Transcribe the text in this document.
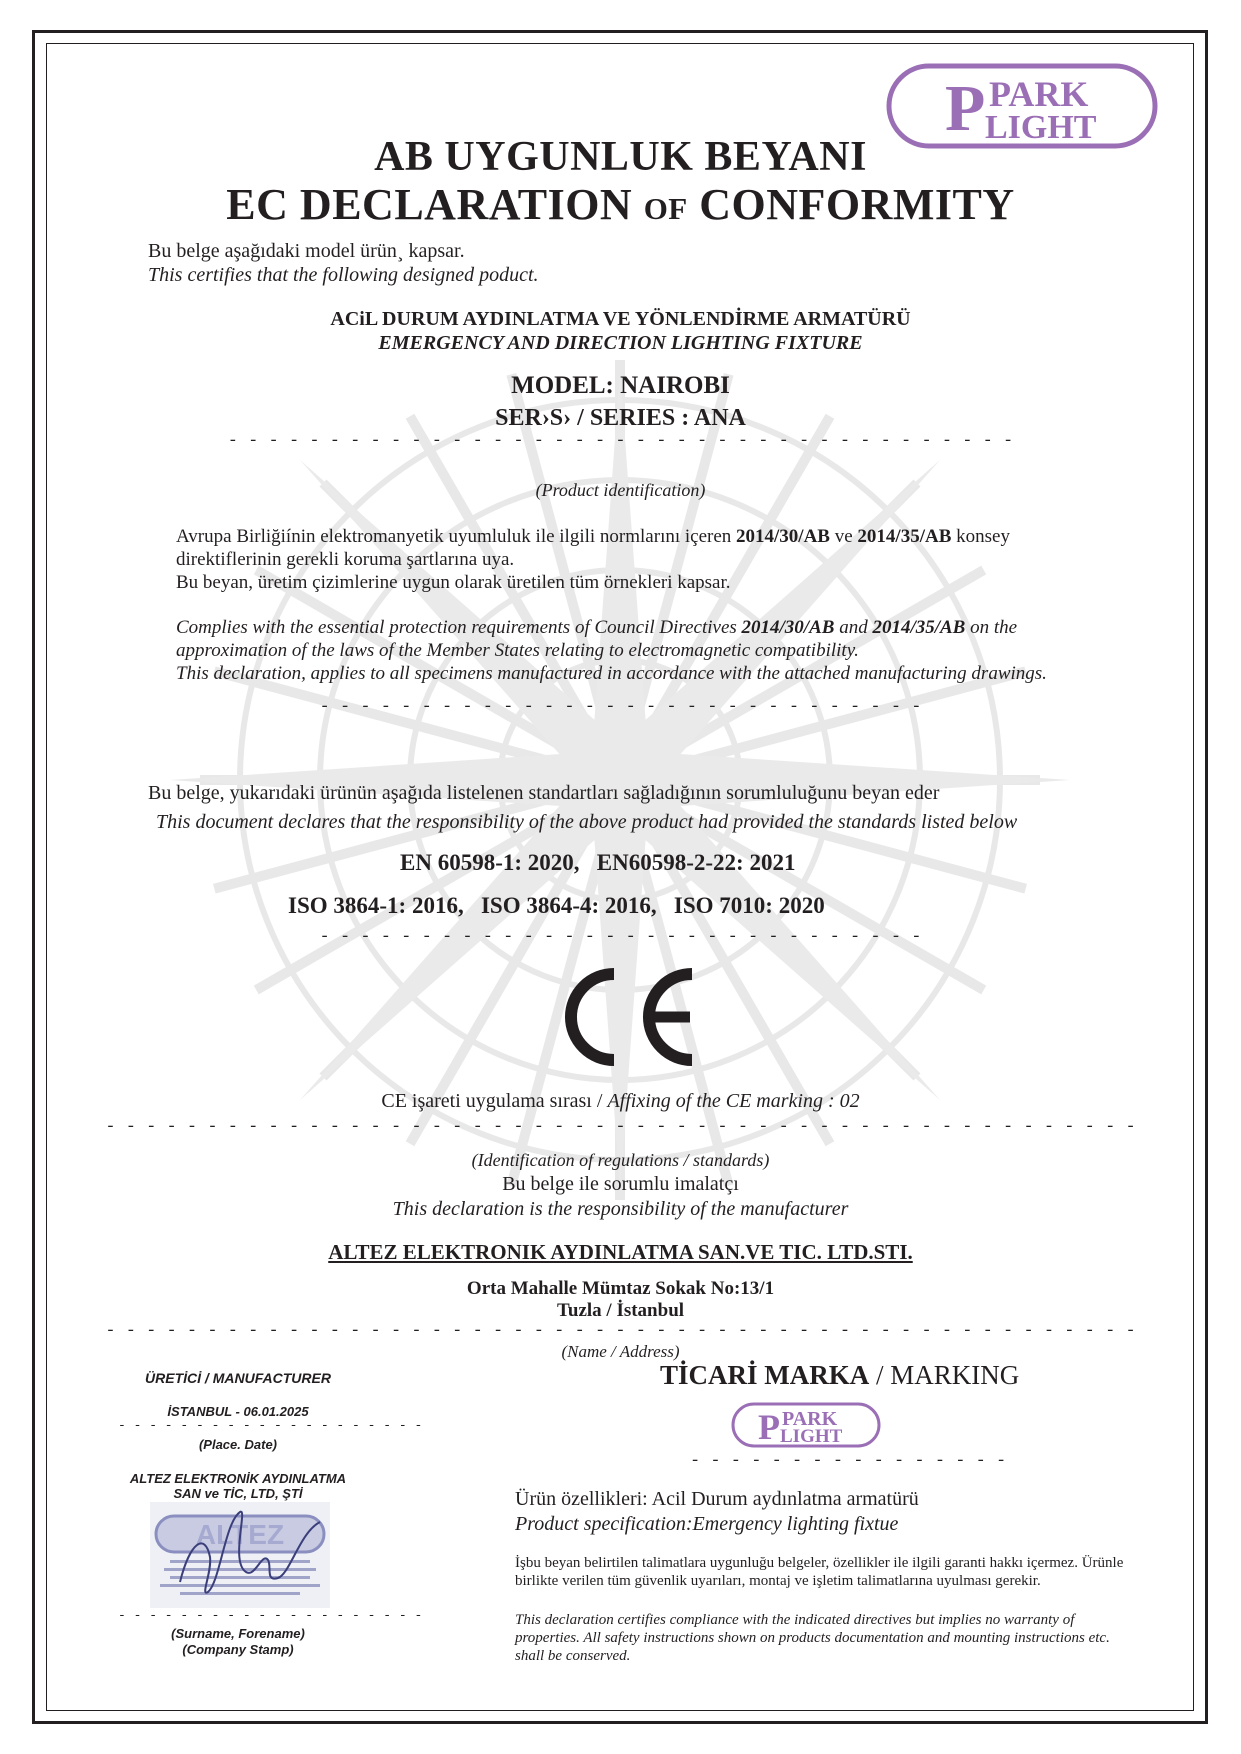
P PARK
LIGHT
AB UYGUNLUK BEYANI
EC DECLARATION of CONFORMITY
Bu belge aşağıdaki model ürün¸ kapsar.
This certifies that the following designed poduct.
ACiL DURUM AYDINLATMA VE YÖNLENDİRME ARMATÜRÜ
EMERGENCY AND DIRECTION LIGHTING FIXTURE
MODEL: NAIROBI
SER›S› / SERIES : ANA
- - - - - - - - - - - - - - - - - - - - - - - - - - - - - - - - - - - - - - -
(Product identification)
Avrupa Birliğiínin elektromanyetik uyumluluk ile ilgili normlarını içeren 2014/30/AB ve 2014/35/AB konsey direktiflerinin gerekli koruma şartlarına uya.
Bu beyan, üretim çizimlerine uygun olarak üretilen tüm örnekleri kapsar.
Complies with the essential protection requirements of Council Directives 2014/30/AB and 2014/35/AB on the approximation of the laws of the Member States relating to electromagnetic compatibility.
This declaration, applies to all specimens manufactured in accordance with the attached manufacturing drawings.
- - - - - - - - - - - - - - - - - - - - - - - - - - - - - -
Bu belge, yukarıdaki ürünün aşağıda listelenen standartları sağladığının sorumluluğunu beyan eder
This document declares that the responsibility of the above product had provided the standards listed below
EN 60598-1: 2020,   EN60598-2-22: 2021
ISO 3864-1: 2016,   ISO 3864-4: 2016,   ISO 7010: 2020
- - - - - - - - - - - - - - - - - - - - - - - - - - - - - -
CE işareti uygulama sırası / Affixing of the CE marking : 02
- - - - - - - - - - - - - - - - - - - - - - - - - - - - - - - - - - - - - - - - - - - - - - - - - - -
(Identification of regulations / standards)
Bu belge ile sorumlu imalatçı
This declaration is the responsibility of the manufacturer
ALTEZ ELEKTRONIK AYDINLATMA SAN.VE TIC. LTD.STI.
Orta Mahalle Mümtaz Sokak No:13/1
Tuzla / İstanbul
- - - - - - - - - - - - - - - - - - - - - - - - - - - - - - - - - - - - - - - - - - - - - - - - - - -
(Name / Address)
ÜRETİCİ / MANUFACTURER
İSTANBUL - 06.01.2025
- - - - - - - - - - - - - - - - - - - -
(Place. Date)
ALTEZ ELEKTRONİK AYDINLATMA
SAN ve TİC, LTD, ŞTİ
ALTEZ
- - - - - - - - - - - - - - - - - - - -
(Surname, Forename)
(Company Stamp)
TİCARİ MARKA / MARKING
P PARK
LIGHT
- - - - - - - - - - - - - - - -
Ürün özellikleri: Acil Durum aydınlatma armatürü
Product specification:Emergency lighting fixtue
İşbu beyan belirtilen talimatlara uygunluğu belgeler, özellikler ile ilgili garanti hakkı içermez. Ürünle birlikte verilen tüm güvenlik uyarıları, montaj ve işletim talimatlarına uyulması gerekir.
This declaration certifies compliance with the indicated directives but implies no warranty of properties. All safety instructions shown on products documentation and mounting instructions etc. shall be conserved.
